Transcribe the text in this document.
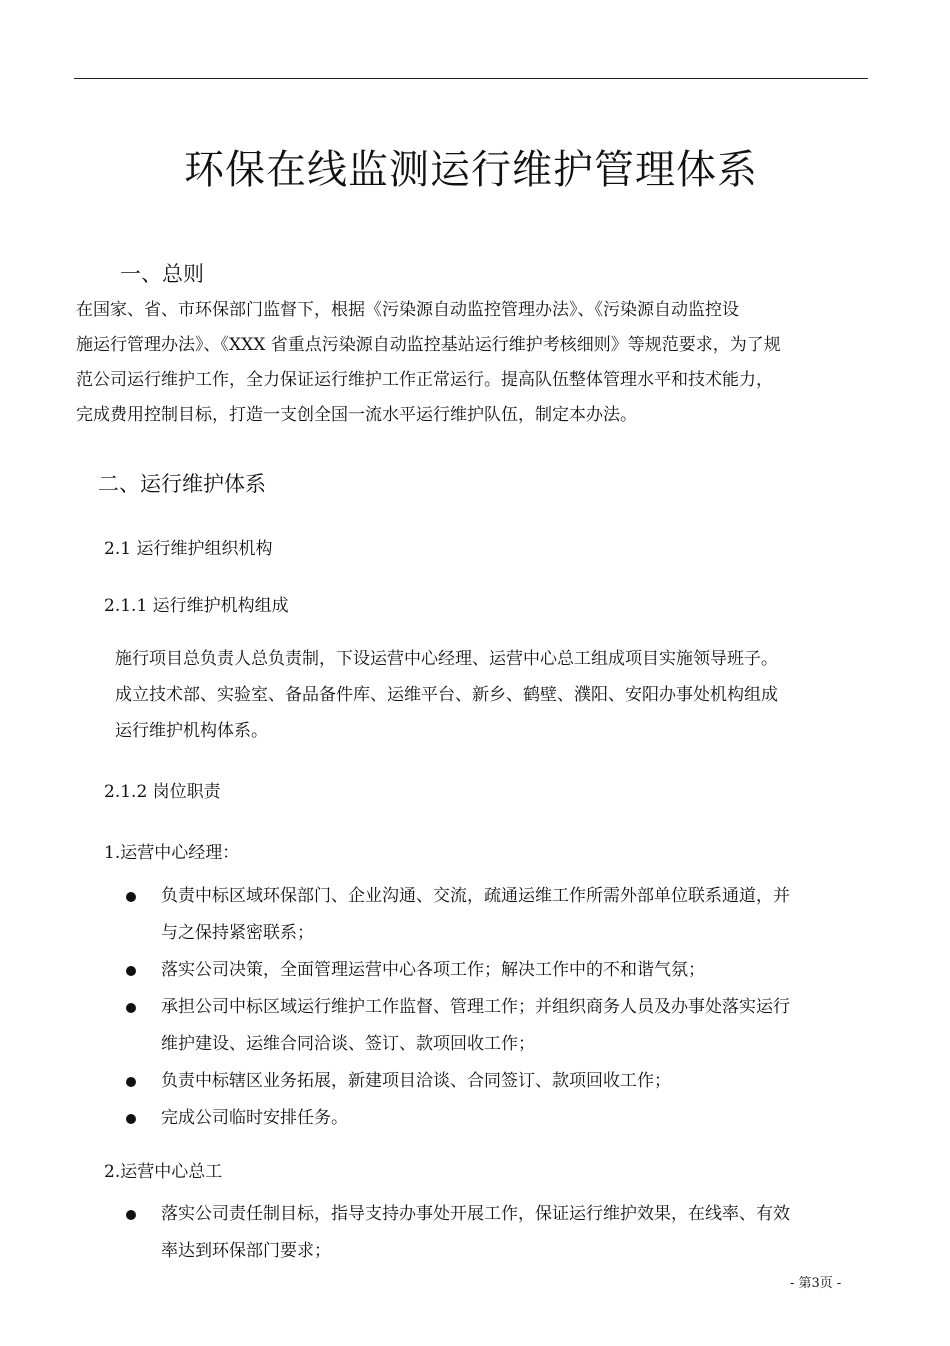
环保在线监测运行维护管理体系
一、总则
在国家、省、市环保部门监督下，根据《污染源自动监控管理办法》、《污染源自动监控设
施运行管理办法》、《XXX 省重点污染源自动监控基站运行维护考核细则》等规范要求，为了规
范公司运行维护工作，全力保证运行维护工作正常运行。提高队伍整体管理水平和技术能力，
完成费用控制目标，打造一支创全国一流水平运行维护队伍，制定本办法。
二、运行维护体系
2.1 运行维护组织机构
2.1.1 运行维护机构组成
施行项目总负责人总负责制，下设运营中心经理、运营中心总工组成项目实施领导班子。
成立技术部、实验室、备品备件库、运维平台、新乡、鹤壁、濮阳、安阳办事处机构组成
运行维护机构体系。
2.1.2 岗位职责
1.运营中心经理：
负责中标区域环保部门、企业沟通、交流，疏通运维工作所需外部单位联系通道，并
与之保持紧密联系；
落实公司决策，全面管理运营中心各项工作；解决工作中的不和谐气氛；
承担公司中标区域运行维护工作监督、管理工作；并组织商务人员及办事处落实运行
维护建设、运维合同洽谈、签订、款项回收工作；
负责中标辖区业务拓展，新建项目洽谈、合同签订、款项回收工作；
完成公司临时安排任务。
2.运营中心总工
落实公司责任制目标，指导支持办事处开展工作，保证运行维护效果，在线率、有效
率达到环保部门要求；
- 第3页 -
